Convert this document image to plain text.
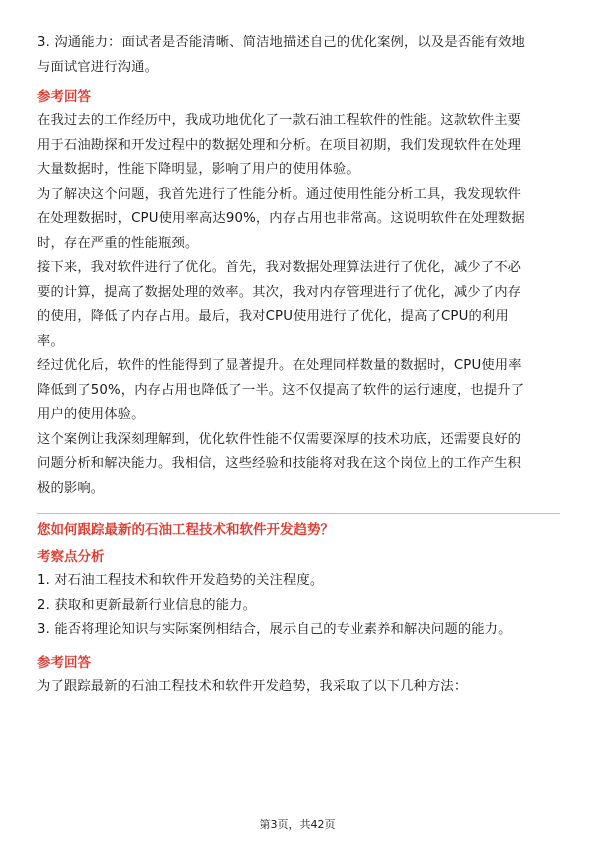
3. 沟通能力：面试者是否能清晰、简洁地描述自己的优化案例，以及是否能有效地
与面试官进行沟通。
参考回答
在我过去的工作经历中，我成功地优化了一款石油工程软件的性能。这款软件主要
用于石油勘探和开发过程中的数据处理和分析。在项目初期，我们发现软件在处理
大量数据时，性能下降明显，影响了用户的使用体验。
为了解决这个问题，我首先进行了性能分析。通过使用性能分析工具，我发现软件
在处理数据时，CPU使用率高达90%，内存占用也非常高。这说明软件在处理数据
时，存在严重的性能瓶颈。
接下来，我对软件进行了优化。首先，我对数据处理算法进行了优化，减少了不必
要的计算，提高了数据处理的效率。其次，我对内存管理进行了优化，减少了内存
的使用，降低了内存占用。最后，我对CPU使用进行了优化，提高了CPU的利用
率。
经过优化后，软件的性能得到了显著提升。在处理同样数量的数据时，CPU使用率
降低到了50%，内存占用也降低了一半。这不仅提高了软件的运行速度，也提升了
用户的使用体验。
这个案例让我深刻理解到，优化软件性能不仅需要深厚的技术功底，还需要良好的
问题分析和解决能力。我相信，这些经验和技能将对我在这个岗位上的工作产生积
极的影响。
您如何跟踪最新的石油工程技术和软件开发趋势？
考察点分析
1. 对石油工程技术和软件开发趋势的关注程度。
2. 获取和更新最新行业信息的能力。
3. 能否将理论知识与实际案例相结合，展示自己的专业素养和解决问题的能力。
参考回答
为了跟踪最新的石油工程技术和软件开发趋势，我采取了以下几种方法：
第3页，共42页
